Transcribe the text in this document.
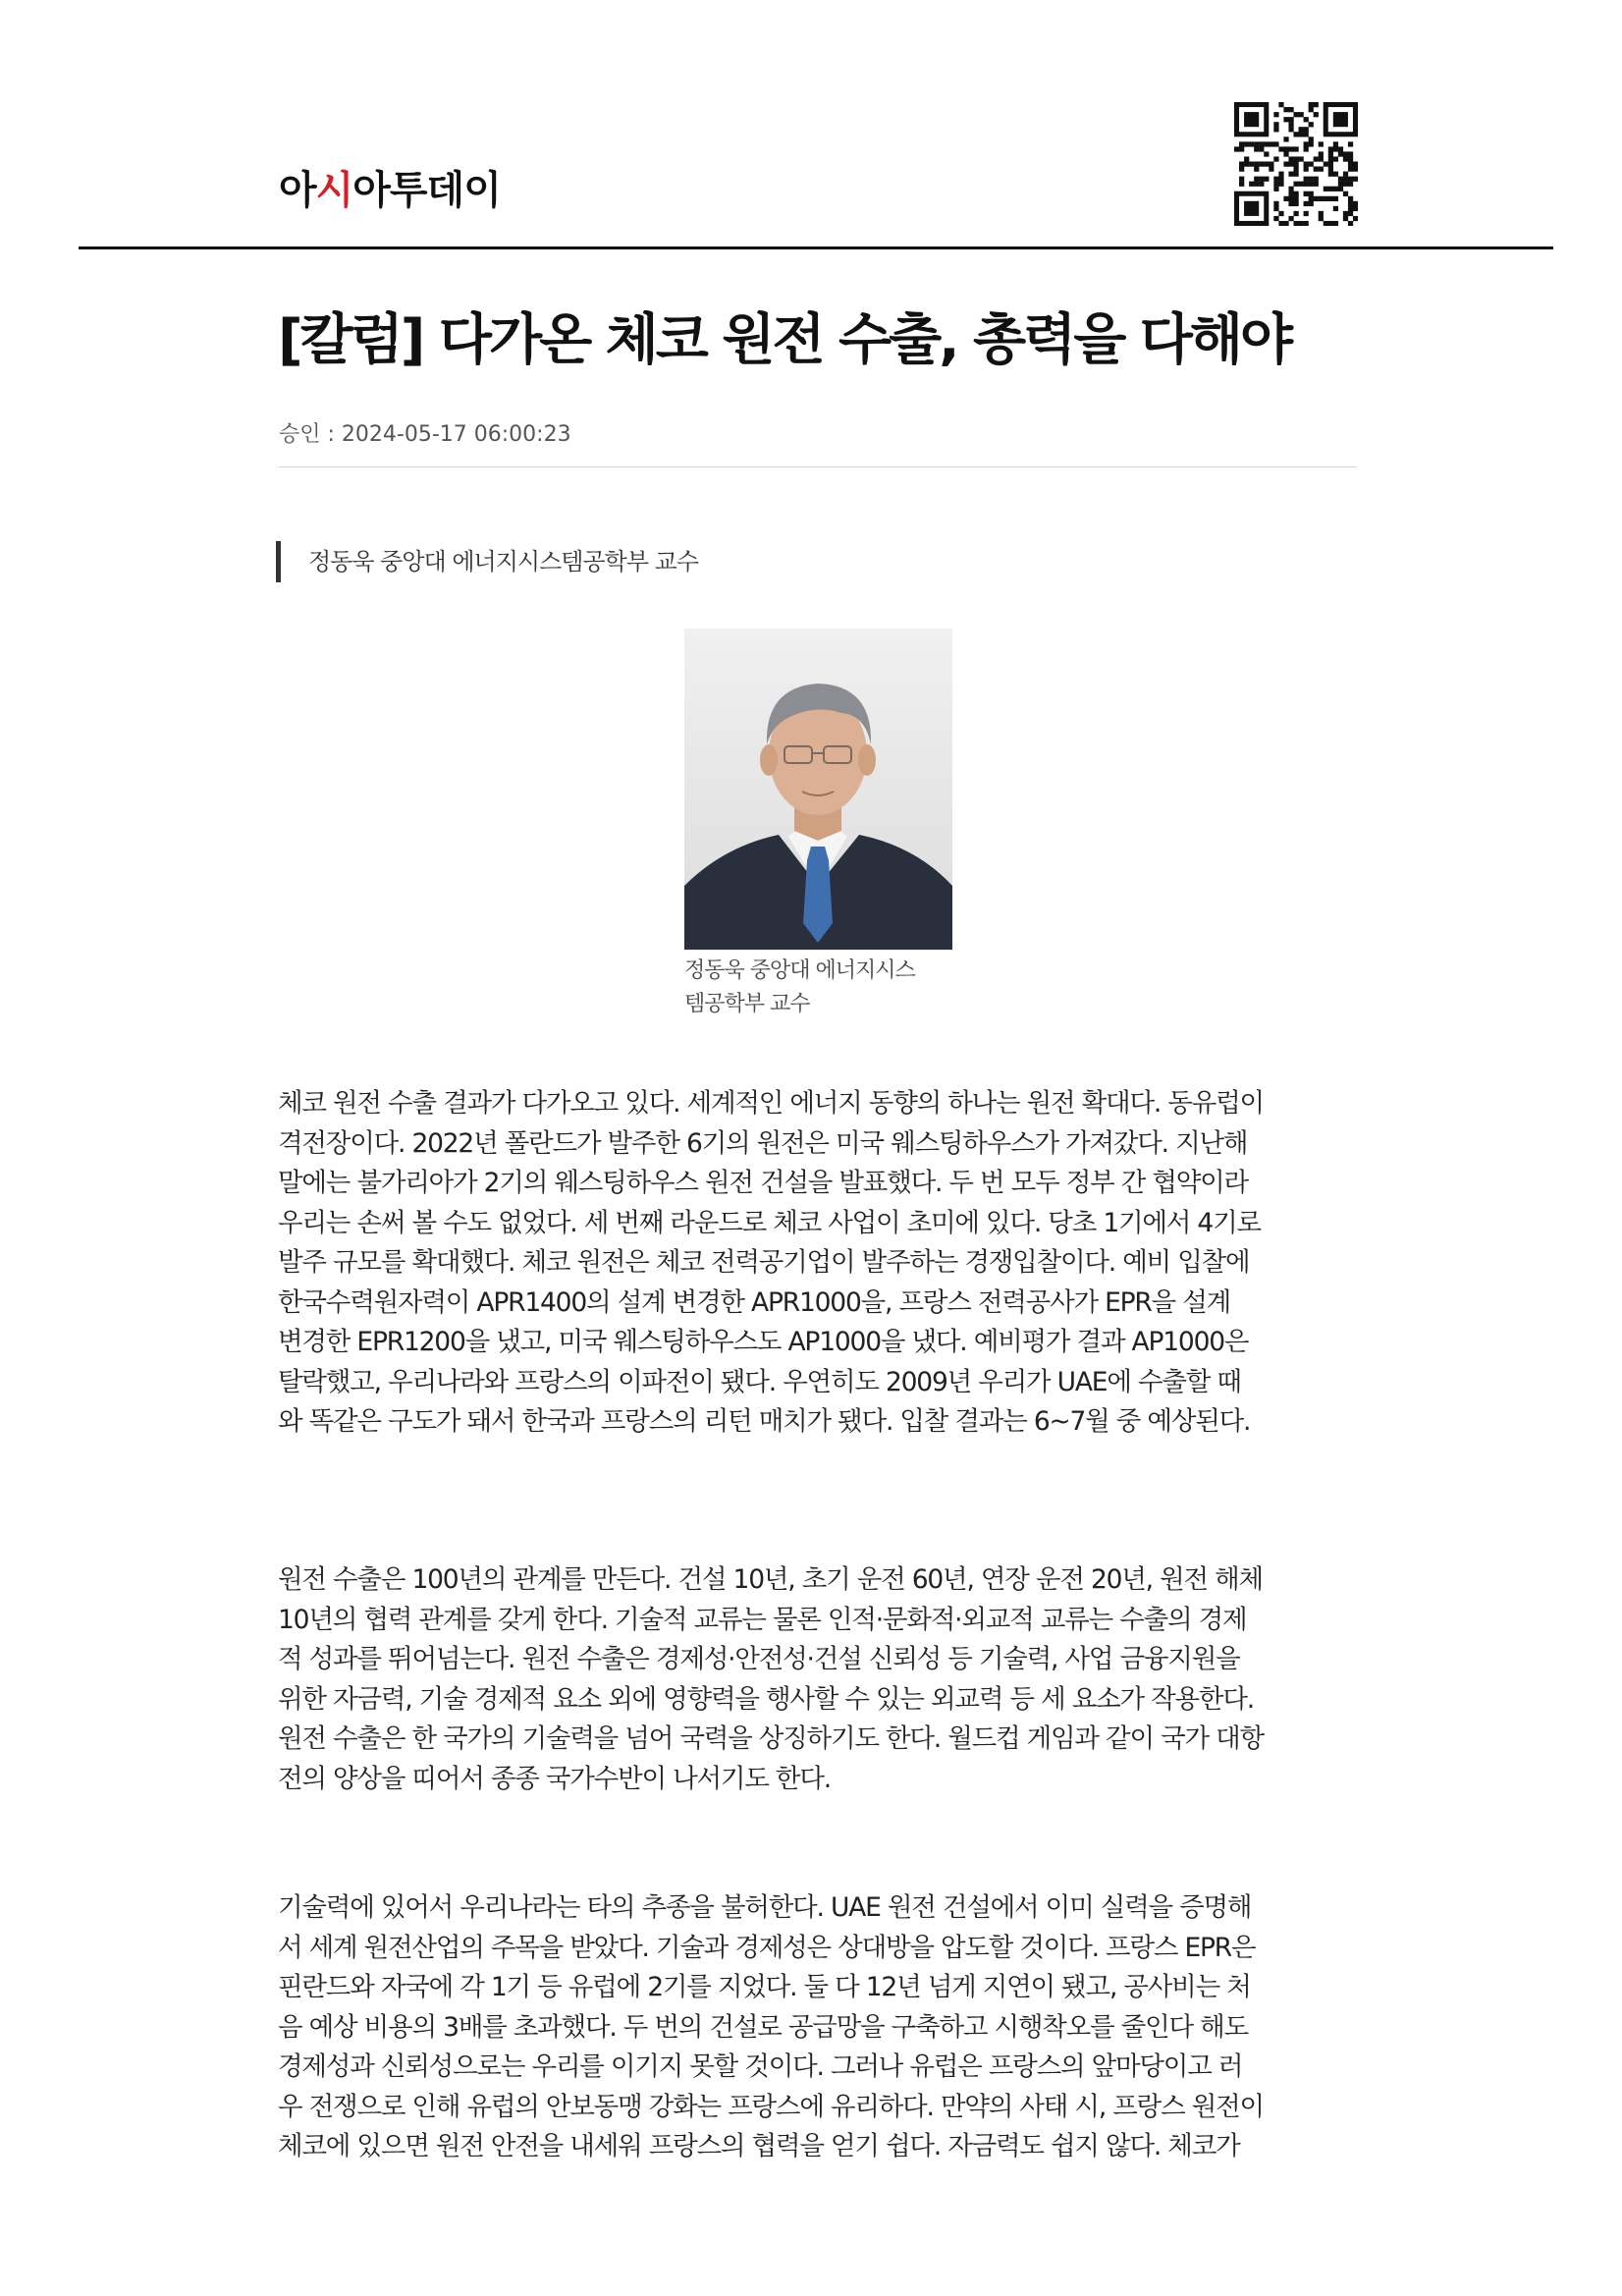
아시아투데이
[칼럼] 다가온 체코 원전 수출, 총력을 다해야
승인 : 2024-05-17 06:00:23
정동욱 중앙대 에너지시스템공학부 교수
정동욱 중앙대 에너지시스
템공학부 교수
체코 원전 수출 결과가 다가오고 있다. 세계적인 에너지 동향의 하나는 원전 확대다. 동유럽이
격전장이다. 2022년 폴란드가 발주한 6기의 원전은 미국 웨스팅하우스가 가져갔다. 지난해
말에는 불가리아가 2기의 웨스팅하우스 원전 건설을 발표했다. 두 번 모두 정부 간 협약이라
우리는 손써 볼 수도 없었다. 세 번째 라운드로 체코 사업이 초미에 있다. 당초 1기에서 4기로
발주 규모를 확대했다. 체코 원전은 체코 전력공기업이 발주하는 경쟁입찰이다. 예비 입찰에
한국수력원자력이 APR1400의 설계 변경한 APR1000을, 프랑스 전력공사가 EPR을 설계
변경한 EPR1200을 냈고, 미국 웨스팅하우스도 AP1000을 냈다. 예비평가 결과 AP1000은
탈락했고, 우리나라와 프랑스의 이파전이 됐다. 우연히도 2009년 우리가 UAE에 수출할 때
와 똑같은 구도가 돼서 한국과 프랑스의 리턴 매치가 됐다. 입찰 결과는 6~7월 중 예상된다.
원전 수출은 100년의 관계를 만든다. 건설 10년, 초기 운전 60년, 연장 운전 20년, 원전 해체
10년의 협력 관계를 갖게 한다. 기술적 교류는 물론 인적·문화적·외교적 교류는 수출의 경제
적 성과를 뛰어넘는다. 원전 수출은 경제성·안전성·건설 신뢰성 등 기술력, 사업 금융지원을
위한 자금력, 기술 경제적 요소 외에 영향력을 행사할 수 있는 외교력 등 세 요소가 작용한다.
원전 수출은 한 국가의 기술력을 넘어 국력을 상징하기도 한다. 월드컵 게임과 같이 국가 대항
전의 양상을 띠어서 종종 국가수반이 나서기도 한다.
기술력에 있어서 우리나라는 타의 추종을 불허한다. UAE 원전 건설에서 이미 실력을 증명해
서 세계 원전산업의 주목을 받았다. 기술과 경제성은 상대방을 압도할 것이다. 프랑스 EPR은
핀란드와 자국에 각 1기 등 유럽에 2기를 지었다. 둘 다 12년 넘게 지연이 됐고, 공사비는 처
음 예상 비용의 3배를 초과했다. 두 번의 건설로 공급망을 구축하고 시행착오를 줄인다 해도
경제성과 신뢰성으로는 우리를 이기지 못할 것이다. 그러나 유럽은 프랑스의 앞마당이고 러
우 전쟁으로 인해 유럽의 안보동맹 강화는 프랑스에 유리하다. 만약의 사태 시, 프랑스 원전이
체코에 있으면 원전 안전을 내세워 프랑스의 협력을 얻기 쉽다. 자금력도 쉽지 않다. 체코가
